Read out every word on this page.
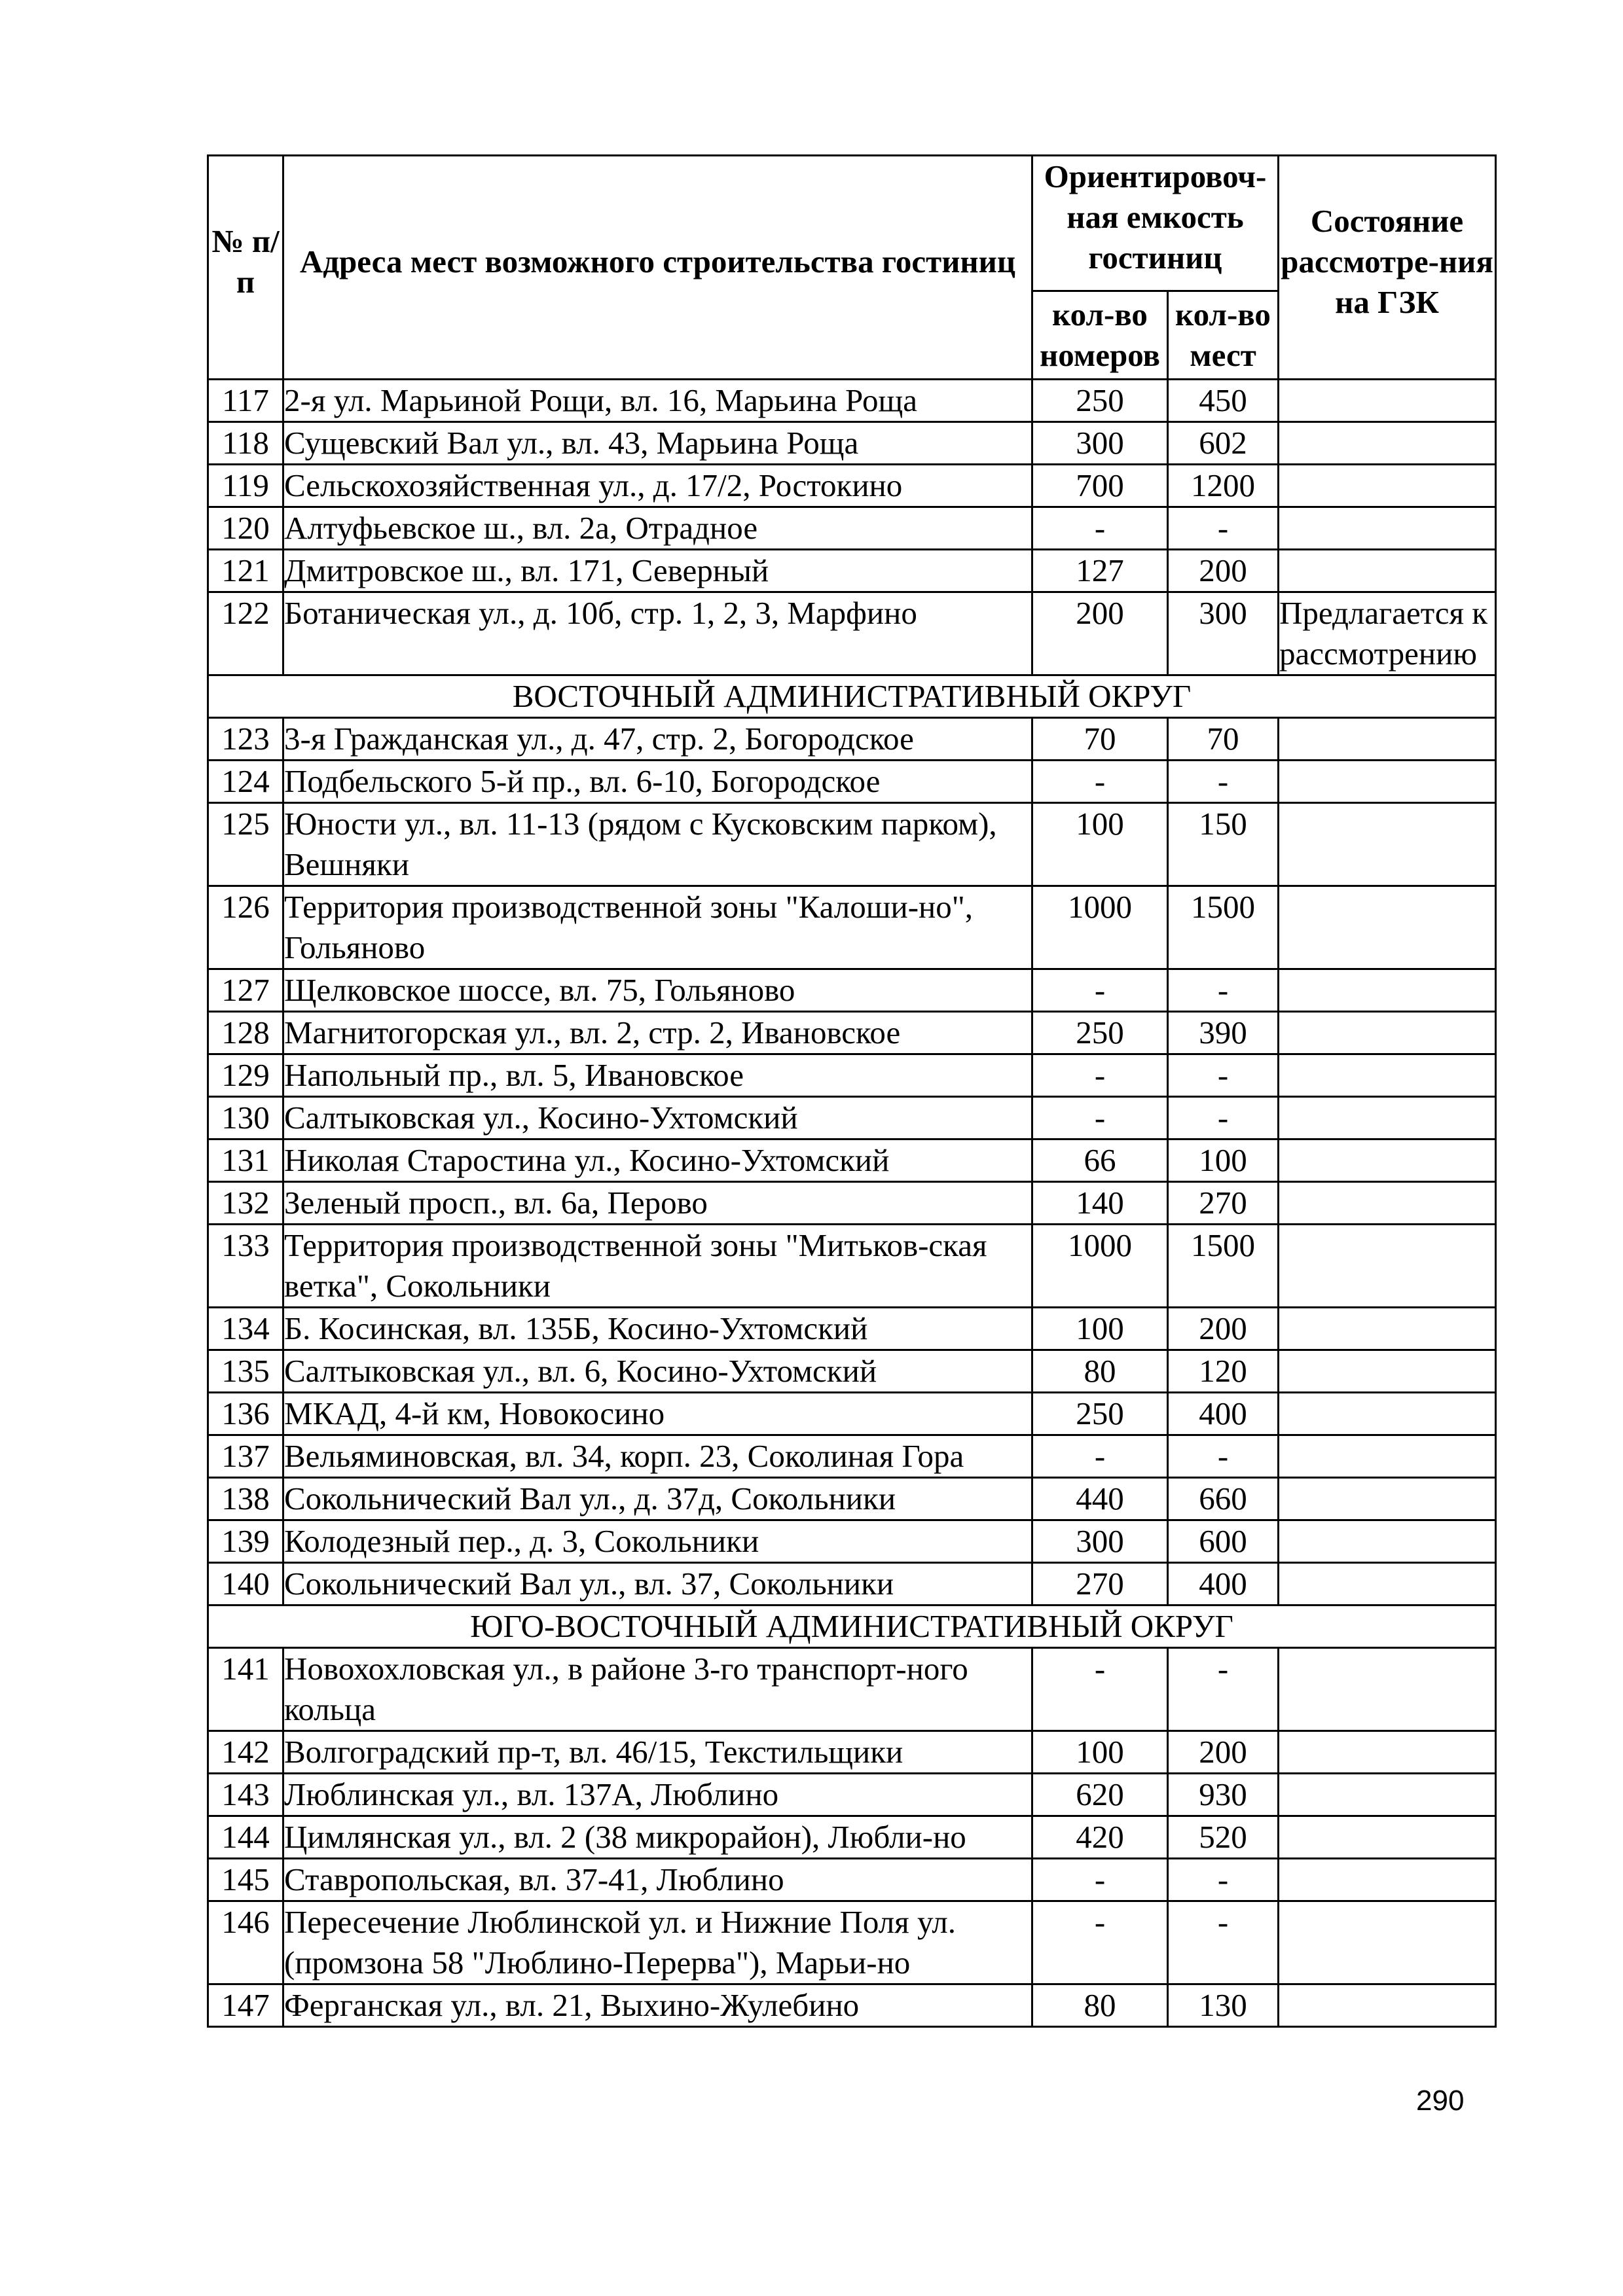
№ п/п	Адреса мест возможного строительства гостиниц	Ориентировоч-ная емкость гостиниц		Состояние рассмотре-ния на ГЗК
		кол-во номеров	кол-во мест	
117	2-я ул. Марьиной Рощи, вл. 16, Марьина Роща	250	450	
118	Сущевский Вал ул., вл. 43, Марьина Роща	300	602	
119	Сельскохозяйственная ул., д. 17/2, Ростокино	700	1200	
120	Алтуфьевское ш., вл. 2а, Отрадное	-	-	
121	Дмитровское ш., вл. 171, Северный	127	200	
122	Ботаническая ул., д. 10б, стр. 1, 2, 3, Марфино	200	300	Предлагается к рассмотрению
ВОСТОЧНЫЙ АДМИНИСТРАТИВНЫЙ ОКРУГ				
123	3-я Гражданская ул., д. 47, стр. 2, Богородское	70	70	
124	Подбельского 5-й пр., вл. 6-10, Богородское	-	-	
125	Юности ул., вл. 11-13 (рядом с Кусковским парком), Вешняки	100	150	
126	Территория производственной зоны "Калоши-но", Гольяново	1000	1500	
127	Щелковское шоссе, вл. 75, Гольяново	-	-	
128	Магнитогорская ул., вл. 2, стр. 2, Ивановское	250	390	
129	Напольный пр., вл. 5, Ивановское	-	-	
130	Салтыковская ул., Косино-Ухтомский	-	-	
131	Николая Старостина ул., Косино-Ухтомский	66	100	
132	Зеленый просп., вл. 6а, Перово	140	270	
133	Территория производственной зоны "Митьков-ская ветка", Сокольники	1000	1500	
134	Б. Косинская, вл. 135Б, Косино-Ухтомский	100	200	
135	Салтыковская ул., вл. 6, Косино-Ухтомский	80	120	
136	МКАД, 4-й км, Новокосино	250	400	
137	Вельяминовская, вл. 34, корп. 23, Соколиная Гора	-	-	
138	Сокольнический Вал ул., д. 37д, Сокольники	440	660	
139	Колодезный пер., д. 3, Сокольники	300	600	
140	Сокольнический Вал ул., вл. 37, Сокольники	270	400	
ЮГО-ВОСТОЧНЫЙ АДМИНИСТРАТИВНЫЙ ОКРУГ				
141	Новохохловская ул., в районе 3-го транспорт-ного кольца	-	-	
142	Волгоградский пр-т, вл. 46/15, Текстильщики	100	200	
143	Люблинская ул., вл. 137А, Люблино	620	930	
144	Цимлянская ул., вл. 2 (38 микрорайон), Любли-но	420	520	
145	Ставропольская, вл. 37-41, Люблино	-	-	
146	Пересечение Люблинской ул. и Нижние Поля ул. (промзона 58 "Люблино-Перерва"), Марьи-но	-	-	
147	Ферганская ул., вл. 21, Выхино-Жулебино	80	130	
290
